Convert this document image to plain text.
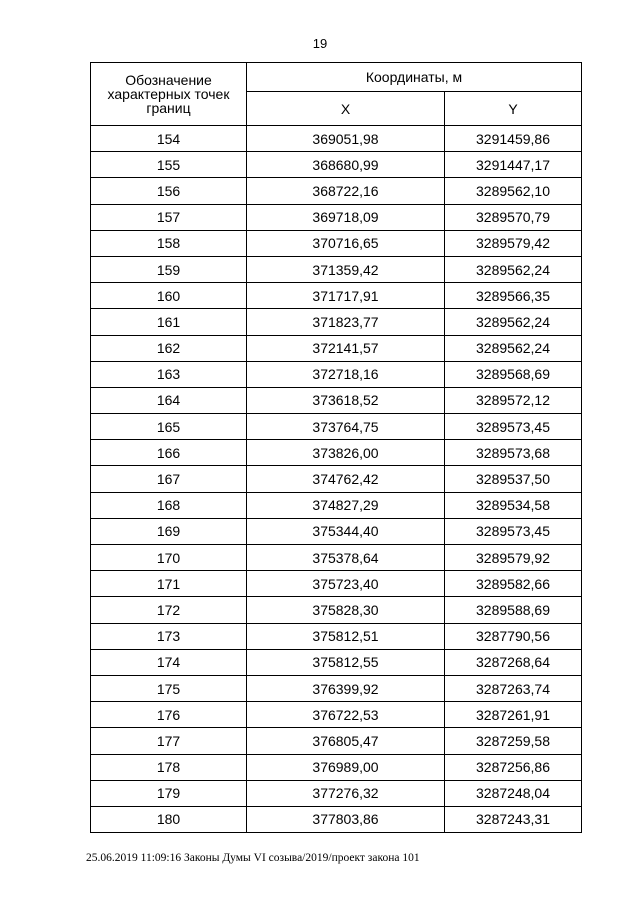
19
Обозначение характерных точек границ	Координаты, м	
	X	Y
154	369051,98	3291459,86
155	368680,99	3291447,17
156	368722,16	3289562,10
157	369718,09	3289570,79
158	370716,65	3289579,42
159	371359,42	3289562,24
160	371717,91	3289566,35
161	371823,77	3289562,24
162	372141,57	3289562,24
163	372718,16	3289568,69
164	373618,52	3289572,12
165	373764,75	3289573,45
166	373826,00	3289573,68
167	374762,42	3289537,50
168	374827,29	3289534,58
169	375344,40	3289573,45
170	375378,64	3289579,92
171	375723,40	3289582,66
172	375828,30	3289588,69
173	375812,51	3287790,56
174	375812,55	3287268,64
175	376399,92	3287263,74
176	376722,53	3287261,91
177	376805,47	3287259,58
178	376989,00	3287256,86
179	377276,32	3287248,04
180	377803,86	3287243,31
25.06.2019 11:09:16 Законы Думы VI созыва/2019/проект закона 101
